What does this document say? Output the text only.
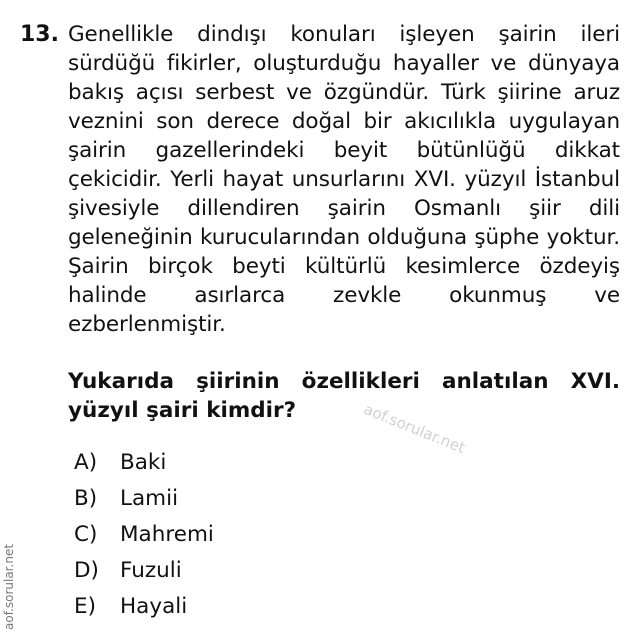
13. Genellikle dindışı konuları işleyen şairin ileri sürdüğü fikirler, oluşturduğu hayaller ve dünyaya bakış açısı serbest ve özgündür. Türk şiirine aruz veznini son derece doğal bir akıcılıkla uygulayan şairin gazellerindeki beyit bütünlüğü dikkat çekicidir. Yerli hayat unsurlarını XVI. yüzyıl İstanbul şivesiyle dillendiren şairin Osmanlı şiir dili geleneğinin kurucularından olduğuna şüphe yoktur. Şairin birçok beyti kültürlü kesimlerce özdeyiş halinde asırlarca zevkle okunmuş ve ezberlenmiştir.
Yukarıda şiirinin özellikleri anlatılan XVI. yüzyıl şairi kimdir?
A)	Baki
B)	Lamii
C)	Mahremi
D) Fuzuli
E)	Hayali
aof.sorular.net
aof.sorular.net
